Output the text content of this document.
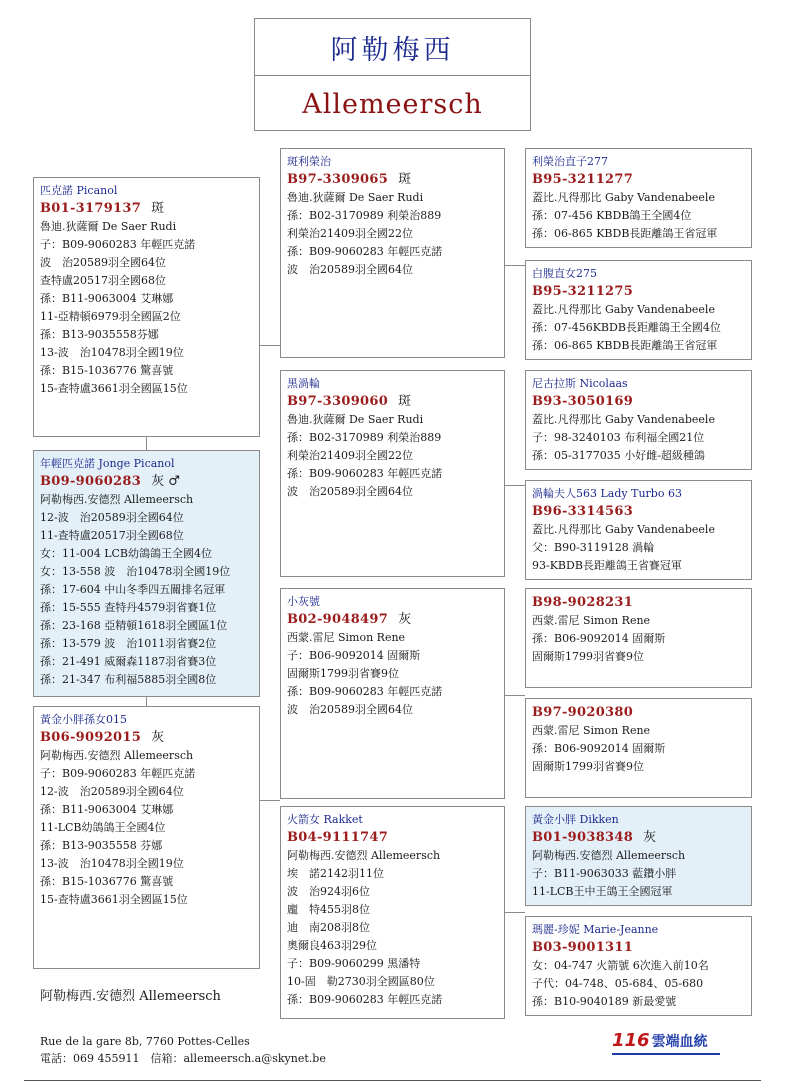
阿勒梅西
Allemeersch
匹克諾 Picanol
B01-3179137 斑
魯迪.狄薩爾 De Saer Rudi
子：B09-9060283 年輕匹克諾
波　治20589羽全國64位
查特盧20517羽全國68位
孫：B11-9063004 艾琳娜
11-亞精頓6979羽全國區2位
孫：B13-9035558芬娜
13-波　治10478羽全國19位
孫：B15-1036776 驚喜號
15-查特盧3661羽全國區15位
年輕匹克諾 Jonge Picanol
B09-9060283 灰 ♂
阿勒梅西.安德烈 Allemeersch
12-波　治20589羽全國64位
11-查特盧20517羽全國68位
女：11-004 LCB幼鴿鴿王全國4位
女：13-558 波　治10478羽全國19位
孫：17-604 中山冬季四五關排名冠軍
孫：15-555 查特丹4579羽省賽1位
孫：23-168 亞精頓1618羽全國區1位
孫：13-579 波　治1011羽省賽2位
孫：21-491 威爾森1187羽省賽3位
孫：21-347 布利福5885羽全國8位
黃金小胖孫女015
B06-9092015 灰
阿勒梅西.安德烈 Allemeersch
子：B09-9060283 年輕匹克諾
12-波　治20589羽全國64位
孫：B11-9063004 艾琳娜
11-LCB幼鴿鴿王全國4位
孫：B13-9035558 芬娜
13-波　治10478羽全國19位
孫：B15-1036776 驚喜號
15-查特盧3661羽全國區15位
斑利榮治
B97-3309065 斑
魯迪.狄薩爾 De Saer Rudi
孫：B02-3170989 利榮治889
利榮治21409羽全國22位
孫：B09-9060283 年輕匹克諾
波　治20589羽全國64位
黑渦輪
B97-3309060 斑
魯迪.狄薩爾 De Saer Rudi
孫：B02-3170989 利榮治889
利榮治21409羽全國22位
孫：B09-9060283 年輕匹克諾
波　治20589羽全國64位
小灰號
B02-9048497 灰
西蒙.雷尼 Simon Rene
子：B06-9092014 固爾斯
固爾斯1799羽省賽9位
孫：B09-9060283 年輕匹克諾
波　治20589羽全國64位
火箭女 Rakket
B04-9111747
阿勒梅西.安德烈 Allemeersch
埃　諾2142羽11位
波　治924羽6位
龐　特455羽8位
迪　南208羽8位
奧爾良463羽29位
子：B09-9060299 黑潘特
10-固　勒2730羽全國區80位
孫：B09-9060283 年輕匹克諾
利榮治直子277
B95-3211277
蓋比.凡得那比 Gaby Vandenabeele
孫：07-456 KBDB鴿王全國4位
孫：06-865 KBDB長距離鴿王省冠軍
白腹直女275
B95-3211275
蓋比.凡得那比 Gaby Vandenabeele
孫：07-456KBDB長距離鴿王全國4位
孫：06-865 KBDB長距離鴿王省冠軍
尼古拉斯 Nicolaas
B93-3050169
蓋比.凡得那比 Gaby Vandenabeele
子：98-3240103 布利福全國21位
孫：05-3177035 小好雌-超級種鴿
渦輪夫人563 Lady Turbo 63
B96-3314563
蓋比.凡得那比 Gaby Vandenabeele
父：B90-3119128 渦輪
93-KBDB長距離鴿王省賽冠軍
B98-9028231
西蒙.雷尼 Simon Rene
孫：B06-9092014 固爾斯
固爾斯1799羽省賽9位
B97-9020380
西蒙.雷尼 Simon Rene
孫：B06-9092014 固爾斯
固爾斯1799羽省賽9位
黃金小胖 Dikken
B01-9038348 灰
阿勒梅西.安德烈 Allemeersch
子：B11-9063033 藍鑽小胖
11-LCB王中王鴿王全國冠軍
瑪麗-珍妮 Marie-Jeanne
B03-9001311
女：04-747 火箭號 6次進入前10名
子代：04-748、05-684、05-680
孫：B10-9040189 新最愛號
阿勒梅西.安德烈 Allemeersch
Rue de la gare 8b, 7760 Pottes-Celles
電話：069 455911　信箱：allemeersch.a@skynet.be
116 雲端血統
